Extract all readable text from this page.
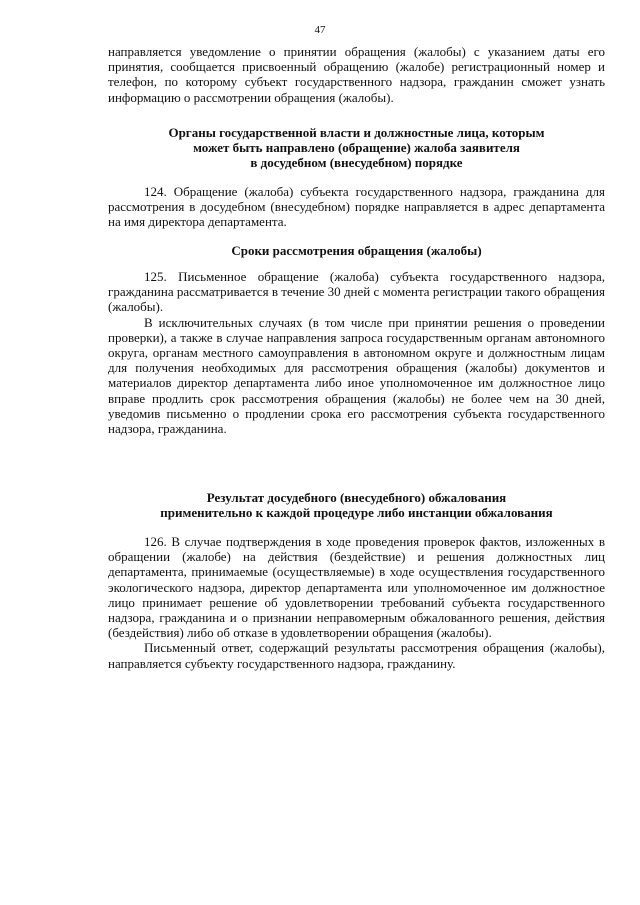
47

направляется уведомление о принятии обращения (жалобы) с указанием даты его принятия, сообщается присвоенный обращению (жалобе) регистрационный номер и телефон, по которому субъект государственного надзора, гражданин сможет узнать информацию о рассмотрении обращения (жалобы).

Органы государственной власти и должностные лица, которым
может быть направлено (обращение) жалоба заявителя
в досудебном (внесудебном) порядке

124. Обращение (жалоба) субъекта государственного надзора, гражданина для рассмотрения в досудебном (внесудебном) порядке направляется в адрес департамента на имя директора департамента.

Сроки рассмотрения обращения (жалобы)

125. Письменное обращение (жалоба) субъекта государственного надзора, гражданина рассматривается в течение 30 дней с момента регистрации такого обращения (жалобы).

В исключительных случаях (в том числе при принятии решения о проведении проверки), а также в случае направления запроса государственным органам автономного округа, органам местного самоуправления в автономном округе и должностным лицам для получения необходимых для рассмотрения обращения (жалобы) документов и материалов директор департамента либо иное уполномоченное им должностное лицо вправе продлить срок рассмотрения обращения (жалобы) не более чем на 30 дней, уведомив письменно о продлении срока его рассмотрения субъекта государственного надзора, гражданина.

Результат досудебного (внесудебного) обжалования
применительно к каждой процедуре либо инстанции обжалования

126. В случае подтверждения в ходе проведения проверок фактов, изложенных в обращении (жалобе) на действия (бездействие) и решения должностных лиц департамента, принимаемые (осуществляемые) в ходе осуществления государственного экологического надзора, директор департамента или уполномоченное им должностное лицо принимает решение об удовлетворении требований субъекта государственного надзора, гражданина и о признании неправомерным обжалованного решения, действия (бездействия) либо об отказе в удовлетворении обращения (жалобы).

Письменный ответ, содержащий результаты рассмотрения обращения (жалобы), направляется субъекту государственного надзора, гражданину.
